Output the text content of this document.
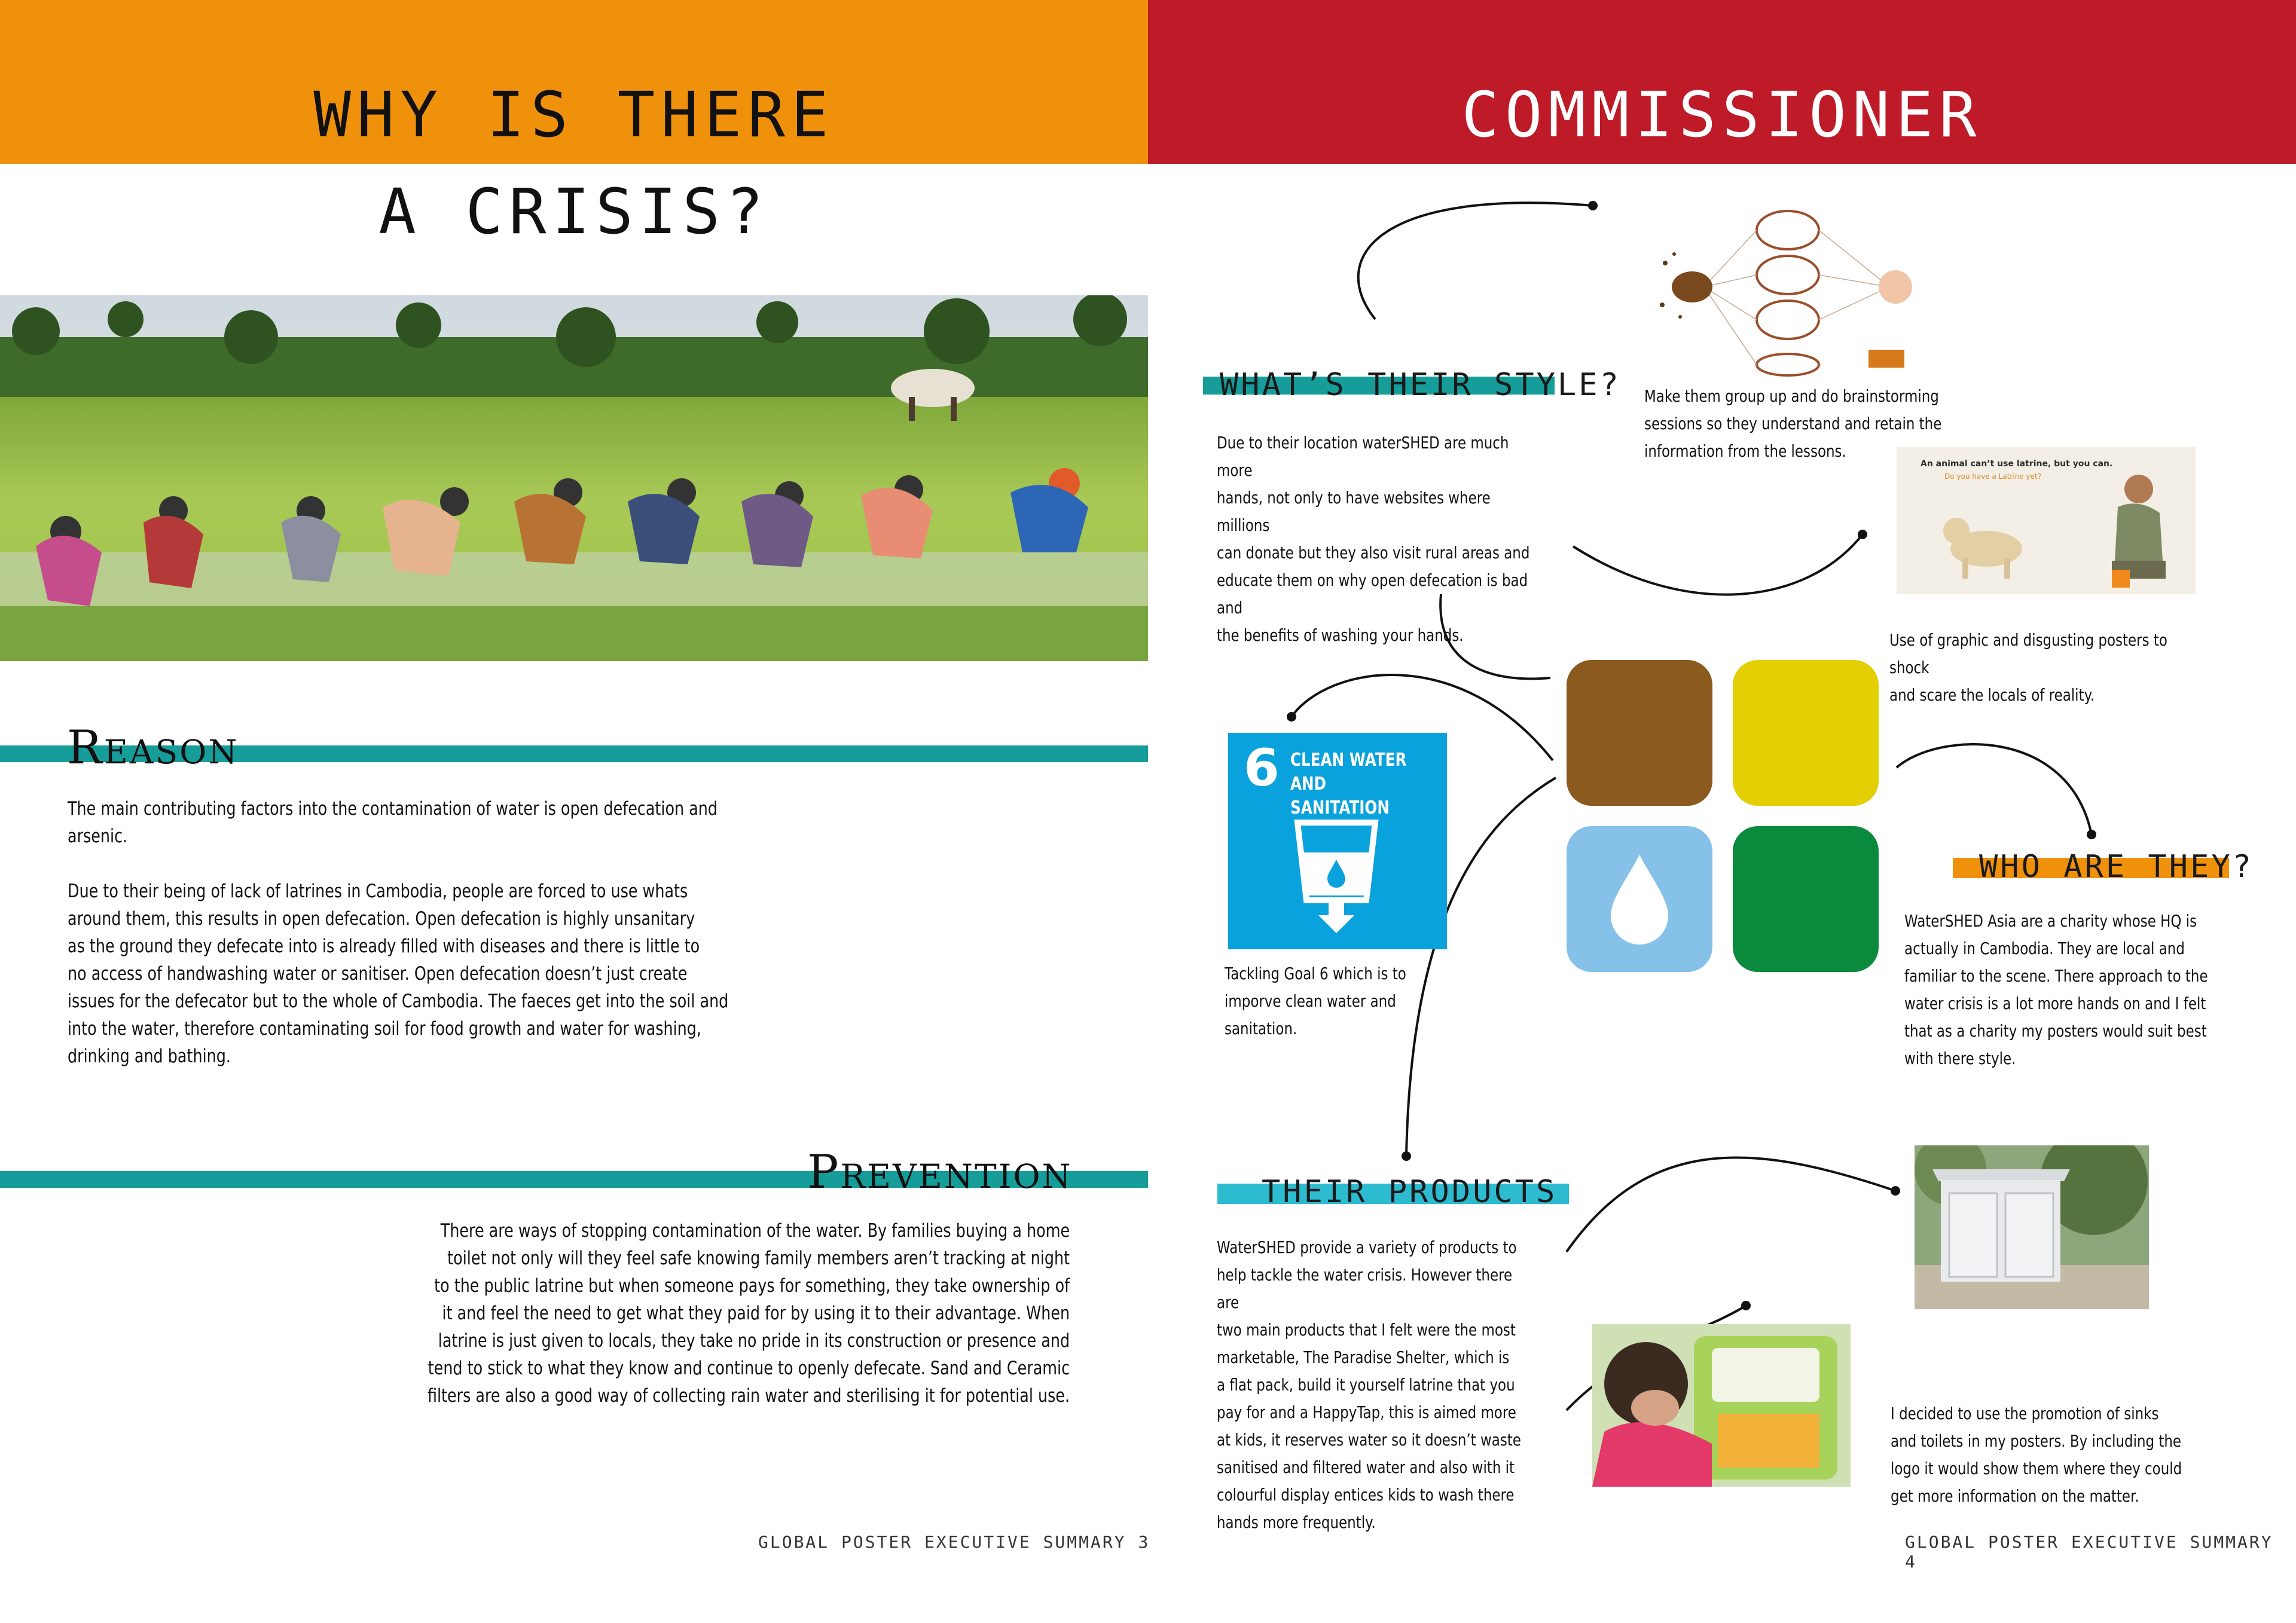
WHY IS THERE
A CRISIS?
Reason
The main contributing factors into the contamination of water is open defecation and
arsenic.

Due to their being of lack of latrines in Cambodia, people are forced to use whats
around them, this results in open defecation. Open defecation is highly unsanitary
as the ground they defecate into is already filled with diseases and there is little to
no access of handwashing water or sanitiser. Open defecation doesn’t just create
issues for the defecator but to the whole of Cambodia. The faeces get into the soil and
into the water, therefore contaminating soil for food growth and water for washing,
drinking and bathing.
Prevention
There are ways of stopping contamination of the water. By families buying a home
toilet not only will they feel safe knowing family members aren’t tracking at night
to the public latrine but when someone pays for something, they take ownership of
it and feel the need to get what they paid for by using it to their advantage. When
latrine is just given to locals, they take no pride in its construction or presence and
tend to stick to what they know and continue to openly defecate. Sand and Ceramic
filters are also a good way of collecting rain water and sterilising it for potential use.
GLOBAL POSTER EXECUTIVE SUMMARY 3
COMMISSIONER
Make them group up and do brainstorming
sessions so they understand and retain the
information from the lessons.
WHAT’S THEIR STYLE?
Due to their location waterSHED are much more
hands, not only to have websites where millions
can donate but they also visit rural areas and
educate them on why open defecation is bad and
the benefits of washing your hands.
An animal can’t use latrine, but you can.
Do you have a Latrine yet?
Use of graphic and disgusting posters to shock
and scare the locals of reality.
6 CLEAN WATER
AND SANITATION
Tackling Goal 6 which is to
imporve clean water and
sanitation.
WHO ARE THEY?
WaterSHED Asia are a charity whose HQ is
actually in Cambodia. They are local and
familiar to the scene. There approach to the
water crisis is a lot more hands on and I felt
that as a charity my posters would suit best
with there style.
THEIR PRODUCTS
WaterSHED provide a variety of products to
help tackle the water crisis. However there are
two main products that I felt were the most
marketable, The Paradise Shelter, which is
a flat pack, build it yourself latrine that you
pay for and a HappyTap, this is aimed more
at kids, it reserves water so it doesn’t waste
sanitised and filtered water and also with it
colourful display entices kids to wash there
hands more frequently.
I decided to use the promotion of sinks
and toilets in my posters. By including the
logo it would show them where they could
get more information on the matter.
GLOBAL POSTER EXECUTIVE SUMMARY 4
